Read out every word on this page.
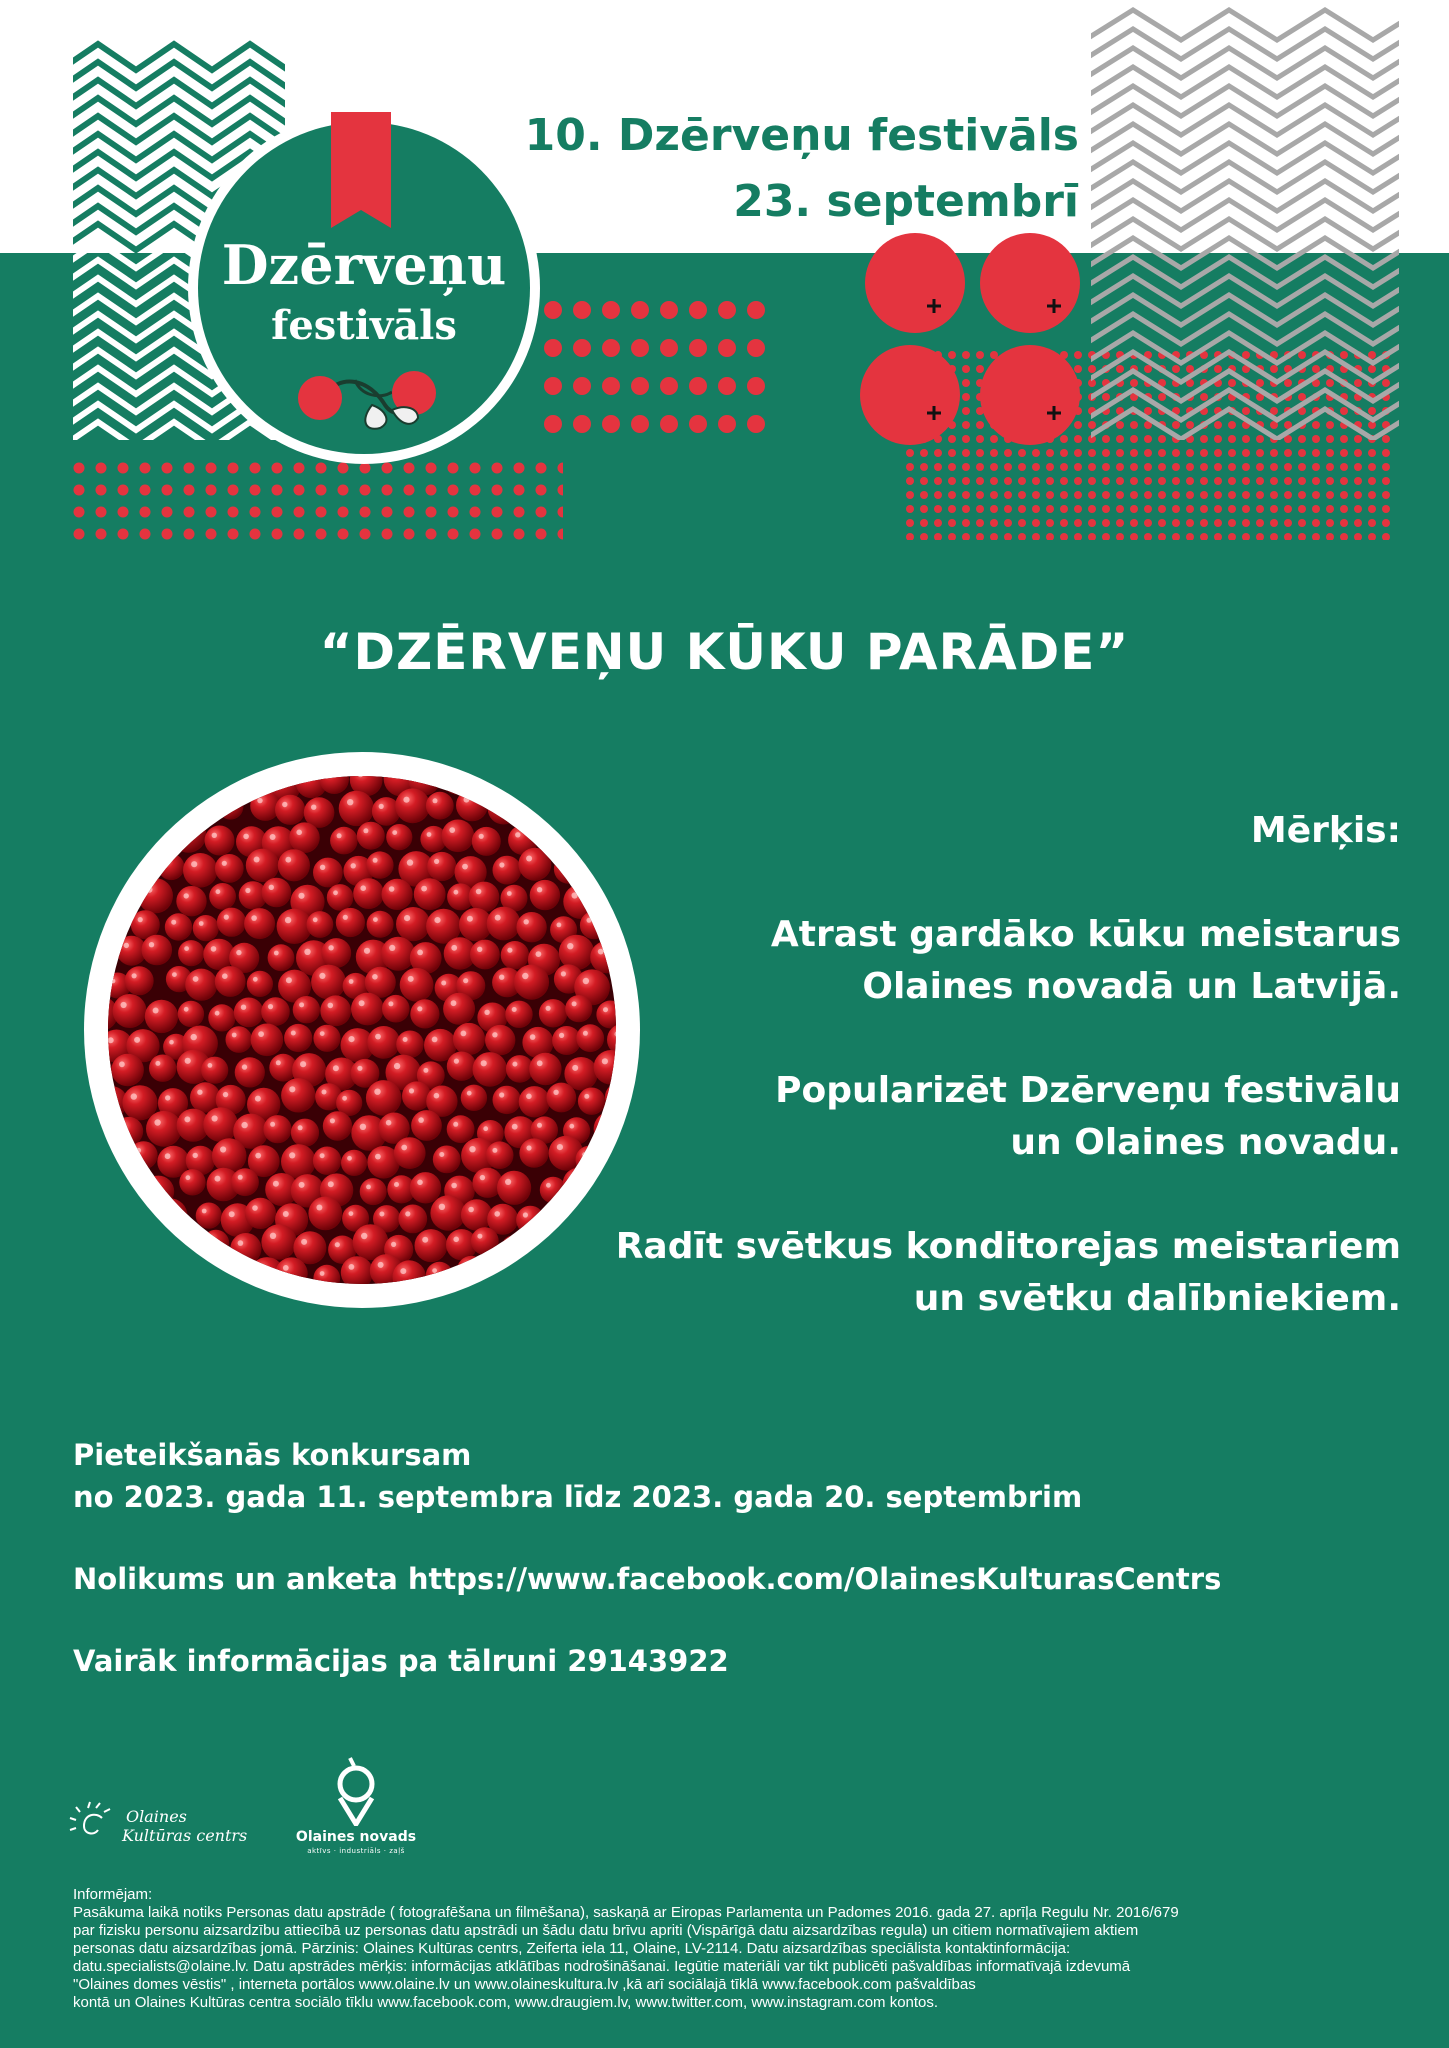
Dzērveņu
festivāls
10. Dzērveņu festivāls
23. septembrī
“DZĒRVEŅU KŪKU PARĀDE”
Mērķis:
Atrast gardāko kūku meistarus
Olaines novadā un Latvijā.
Popularizēt Dzērveņu festivālu
un Olaines novadu.
Radīt svētkus konditorejas meistariem
un svētku dalībniekiem.
Pieteikšanās konkursam
no 2023. gada 11. septembra līdz 2023. gada 20. septembrim
Nolikums un anketa https://www.facebook.com/OlainesKulturasCentrs
Vairāk informācijas pa tālruni 29143922
Olaines
Kultūras centrs	Olaines novads
aktīvs · industriāls · zaļš
Informējam:
Pasākuma laikā notiks Personas datu apstrāde ( fotografēšana un filmēšana), saskaņā ar Eiropas Parlamenta un Padomes 2016. gada 27. aprīļa Regulu Nr. 2016/679
par fizisku personu aizsardzību attiecībā uz personas datu apstrādi un šādu datu brīvu apriti (Vispārīgā datu aizsardzības regula) un citiem normatīvajiem aktiem
personas datu aizsardzības jomā. Pārzinis: Olaines Kultūras centrs, Zeiferta iela 11, Olaine, LV-2114. Datu aizsardzības speciālista kontaktinformācija:
datu.specialists@olaine.lv. Datu apstrādes mērķis: informācijas atklātības nodrošināšanai. Iegūtie materiāli var tikt publicēti pašvaldības informatīvajā izdevumā
"Olaines domes vēstis" , interneta portālos www.olaine.lv un www.olaineskultura.lv ,kā arī sociālajā tīklā www.facebook.com pašvaldības
kontā un Olaines Kultūras centra sociālo tīklu www.facebook.com, www.draugiem.lv, www.twitter.com, www.instagram.com kontos.
